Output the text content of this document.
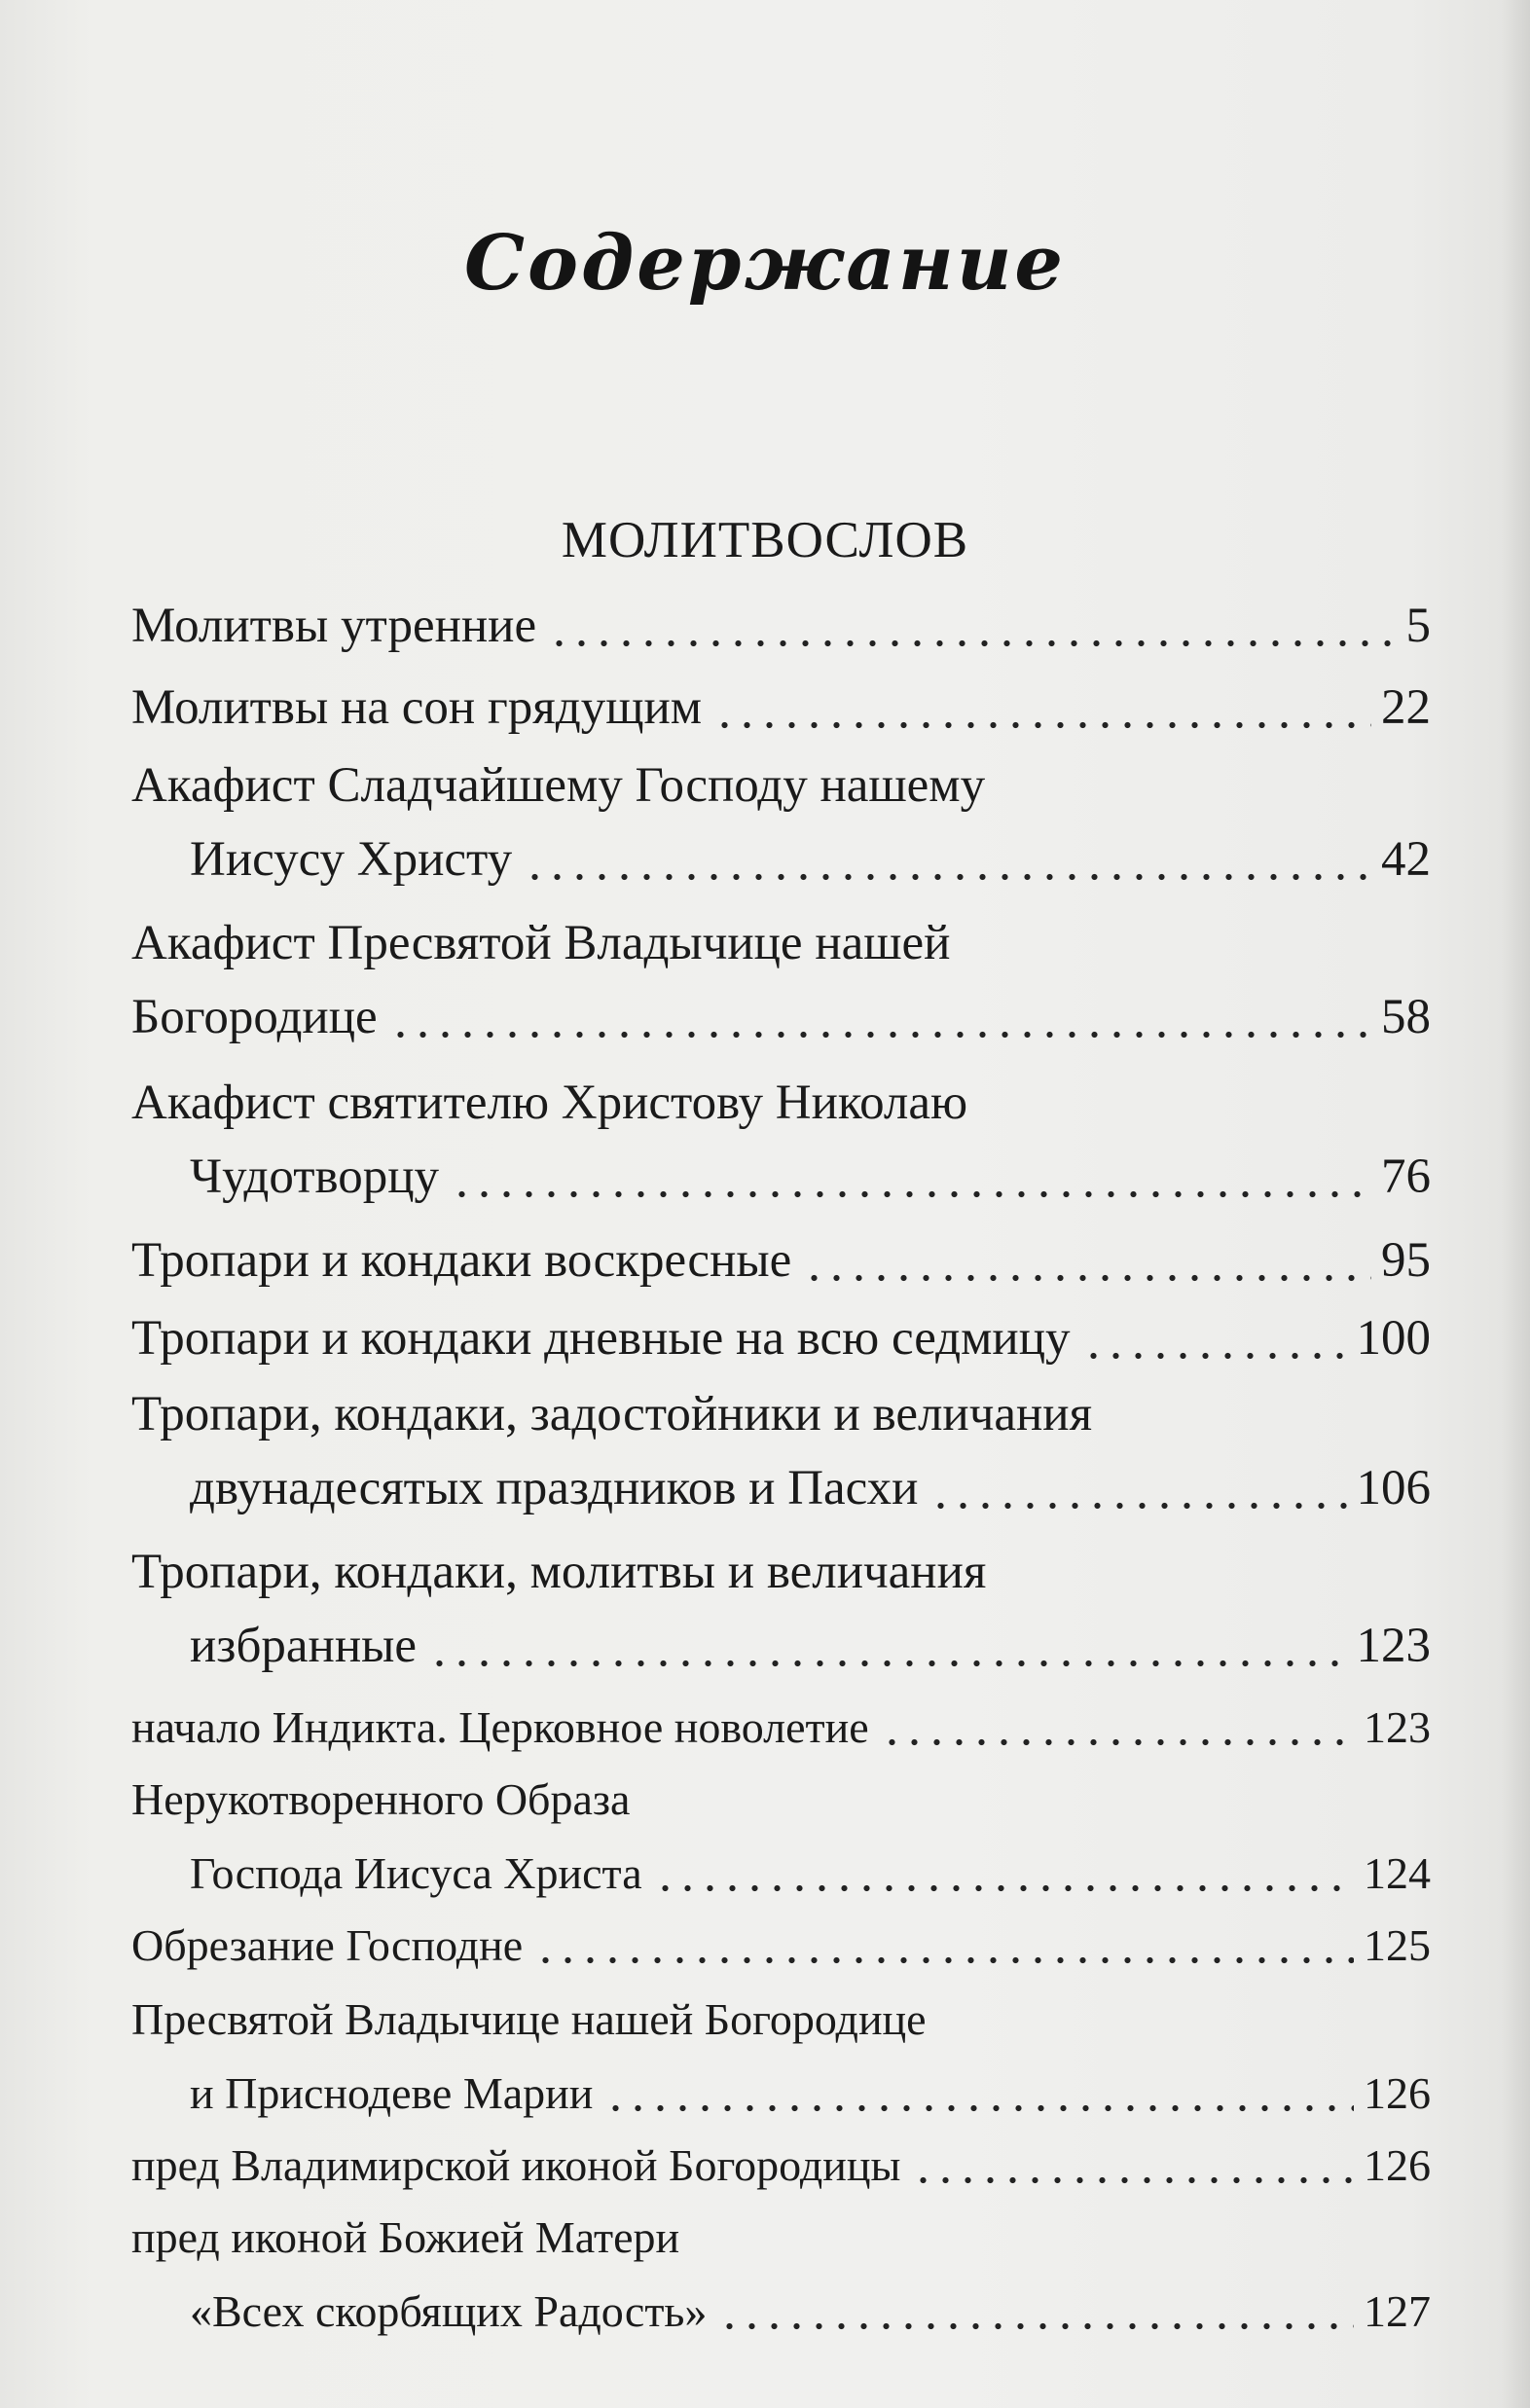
Содержание
МОЛИТВОСЛОВ
Молитвы утренние	5
Молитвы на сон грядущим	22
Акафист Сладчайшему Господу нашему
Иисусу Христу	42
Акафист Пресвятой Владычице нашей
Богородице	58
Акафист святителю Христову Николаю
Чудотворцу	76
Тропари и кондаки воскресные	95
Тропари и кондаки дневные на всю седмицу	100
Тропари, кондаки, задостойники и величания
двунадесятых праздников и Пасхи	106
Тропари, кондаки, молитвы и величания
избранные	123
начало Индикта. Церковное новолетие	123
Нерукотворенного Образа
Господа Иисуса Христа	124
Обрезание Господне	125
Пресвятой Владычице нашей Богородице
и Приснодеве Марии	126
пред Владимирской иконой Богородицы	126
пред иконой Божией Матери
«Всех скорбящих Радость»	127
